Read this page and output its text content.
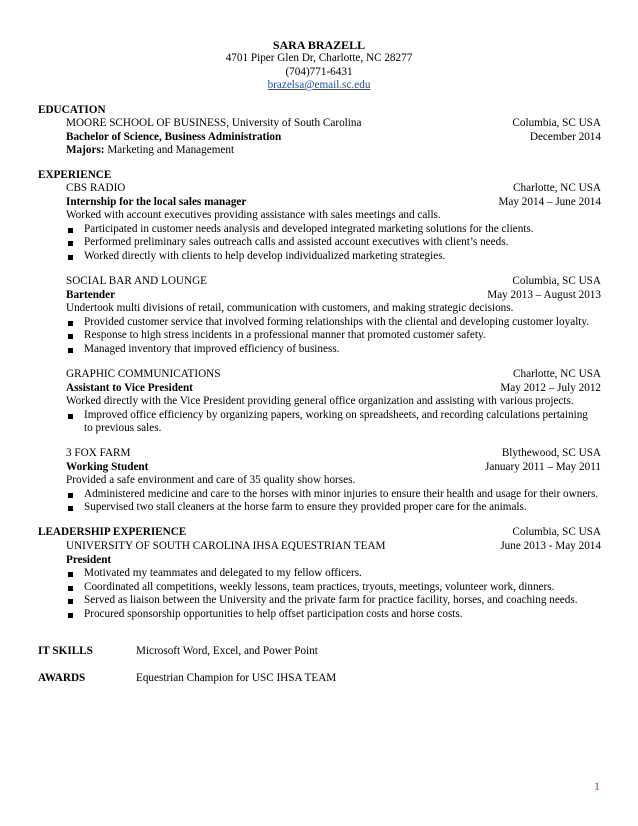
SARA BRAZELL
4701 Piper Glen Dr, Charlotte, NC 28277
(704)771-6431
brazelsa@email.sc.edu
EDUCATION
MOORE SCHOOL OF BUSINESS, University of South Carolina	Columbia, SC USA
Bachelor of Science, Business Administration	December 2014
Majors: Marketing and Management
EXPERIENCE
CBS RADIO	Charlotte, NC USA
Internship for the local sales manager	May 2014 – June 2014
Worked with account executives providing assistance with sales meetings and calls.
Participated in customer needs analysis and developed integrated marketing solutions for the clients.
Performed preliminary sales outreach calls and assisted account executives with client’s needs.
Worked directly with clients to help develop individualized marketing strategies.
SOCIAL BAR AND LOUNGE	Columbia, SC USA
Bartender	May 2013 – August 2013
Undertook multi divisions of retail, communication with customers, and making strategic decisions.
Provided customer service that involved forming relationships with the cliental and developing customer loyalty.
Response to high stress incidents in a professional manner that promoted customer safety.
Managed inventory that improved efficiency of business.
GRAPHIC COMMUNICATIONS	Charlotte, NC USA
Assistant to Vice President	May 2012 – July 2012
Worked directly with the Vice President providing general office organization and assisting with various projects.
Improved office efficiency by organizing papers, working on spreadsheets, and recording calculations pertaining
to previous sales.
3 FOX FARM	Blythewood, SC USA
Working Student	January 2011 – May 2011
Provided a safe environment and care of 35 quality show horses.
Administered medicine and care to the horses with minor injuries to ensure their health and usage for their owners.
Supervised two stall cleaners at the horse farm to ensure they provided proper care for the animals.
LEADERSHIP EXPERIENCE	Columbia, SC USA
UNIVERSITY OF SOUTH CAROLINA IHSA EQUESTRIAN TEAM	June 2013 - May 2014
President
Motivated my teammates and delegated to my fellow officers.
Coordinated all competitions, weekly lessons, team practices, tryouts, meetings, volunteer work, dinners.
Served as liaison between the University and the private farm for practice facility, horses, and coaching needs.
Procured sponsorship opportunities to help offset participation costs and horse costs.
IT SKILLS	Microsoft Word, Excel, and Power Point
AWARDS	Equestrian Champion for USC IHSA TEAM
1
